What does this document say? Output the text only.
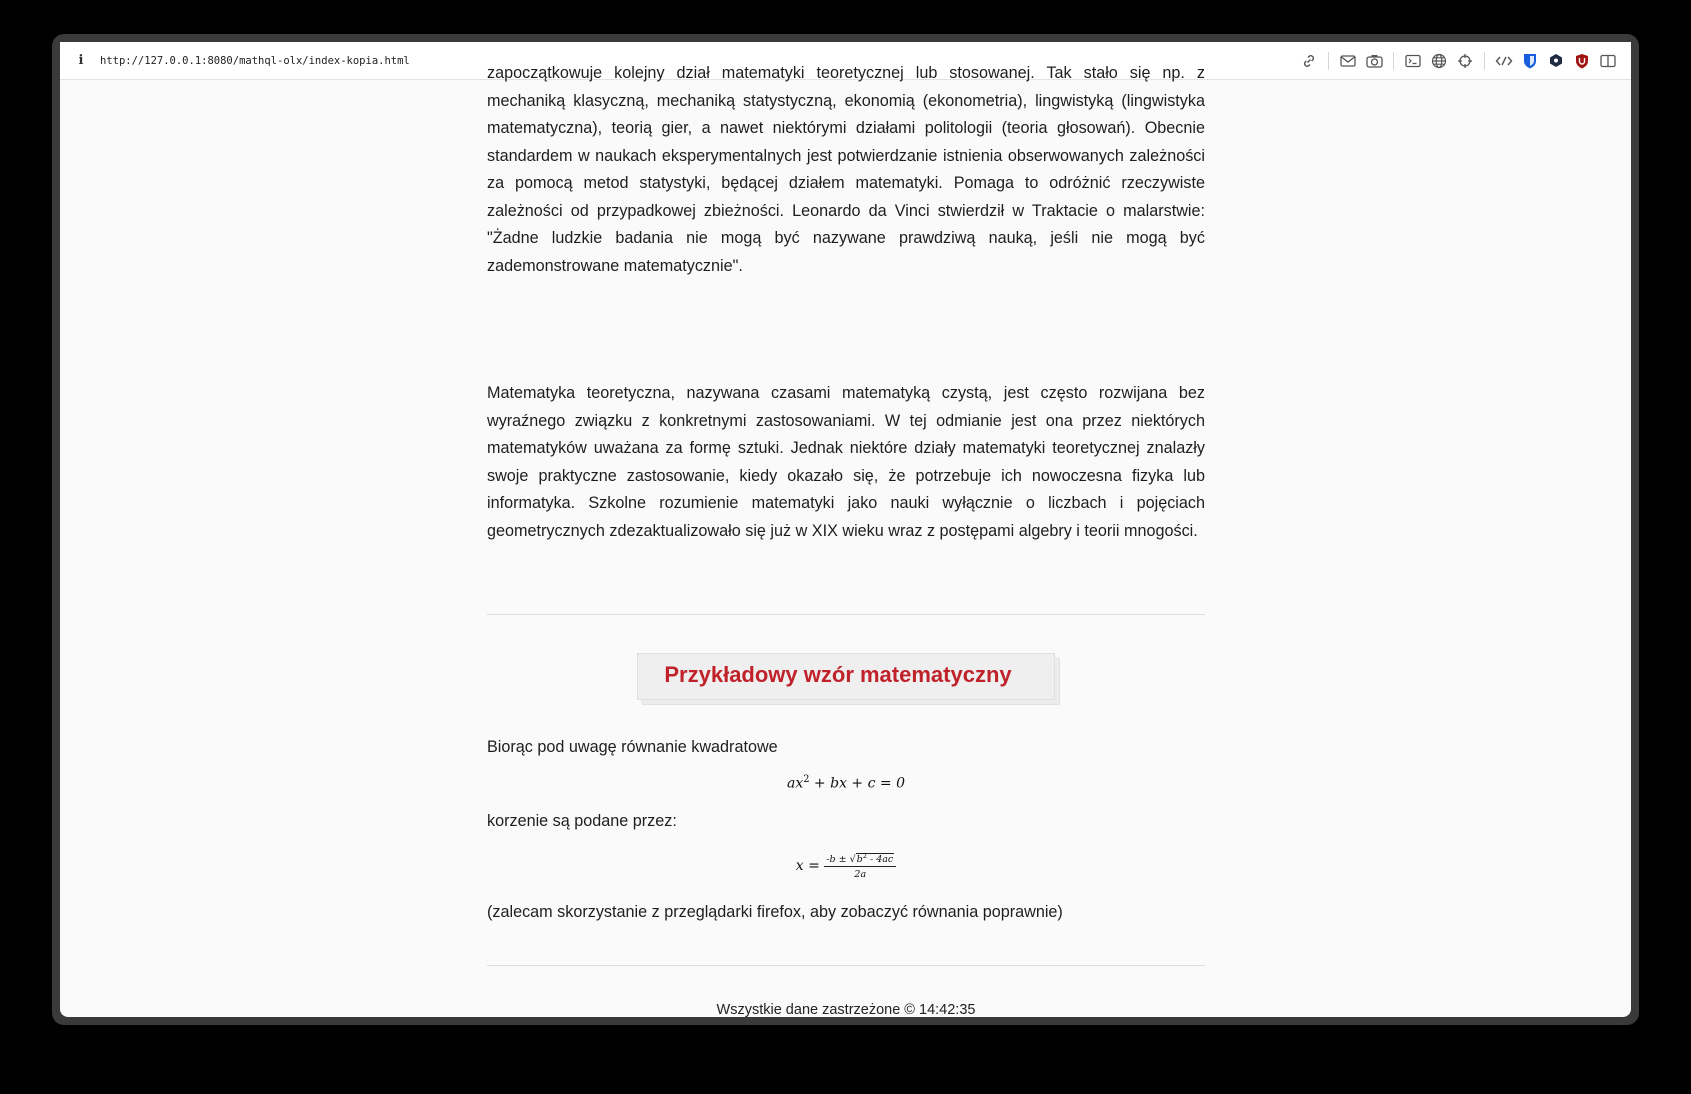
i	http://127.0.0.1:8080/mathql-olx/index-kopia.html

zapoczątkowuje kolejny dział matematyki teoretycznej lub stosowanej. Tak stało się np. z mechaniką klasyczną, mechaniką statystyczną, ekonomią (ekonometria), lingwistyką (lingwistyka matematyczna), teorią gier, a nawet niektórymi działami politologii (teoria głosowań). Obecnie standardem w naukach eksperymentalnych jest potwierdzanie istnienia obserwowanych zależności za pomocą metod statystyki, będącej działem matematyki. Pomaga to odróżnić rzeczywiste zależności od przypadkowej zbieżności. Leonardo da Vinci stwierdził w Traktacie o malarstwie: "Żadne ludzkie badania nie mogą być nazywane prawdziwą nauką, jeśli nie mogą być zademonstrowane matematycznie".

Matematyka teoretyczna, nazywana czasami matematyką czystą, jest często rozwijana bez wyraźnego związku z konkretnymi zastosowaniami. W tej odmianie jest ona przez niektórych matematyków uważana za formę sztuki. Jednak niektóre działy matematyki teoretycznej znalazły swoje praktyczne zastosowanie, kiedy okazało się, że potrzebuje ich nowoczesna fizyka lub informatyka. Szkolne rozumienie matematyki jako nauki wyłącznie o liczbach i pojęciach geometrycznych zdezaktualizowało się już w XIX wieku wraz z postępami algebry i teorii mnogości.

Przykładowy wzór matematyczny

Biorąc pod uwagę równanie kwadratowe

$ax^2$ + bx + c = 0

korzenie są podane przez:

$x = \frac{-b \pm √b^2 - 4ac}{2a}$

(zalecam skorzystanie z przeglądarki firefox, aby zobaczyć równania poprawnie)

Wszystkie dane zastrzeżone © 14:42:35
